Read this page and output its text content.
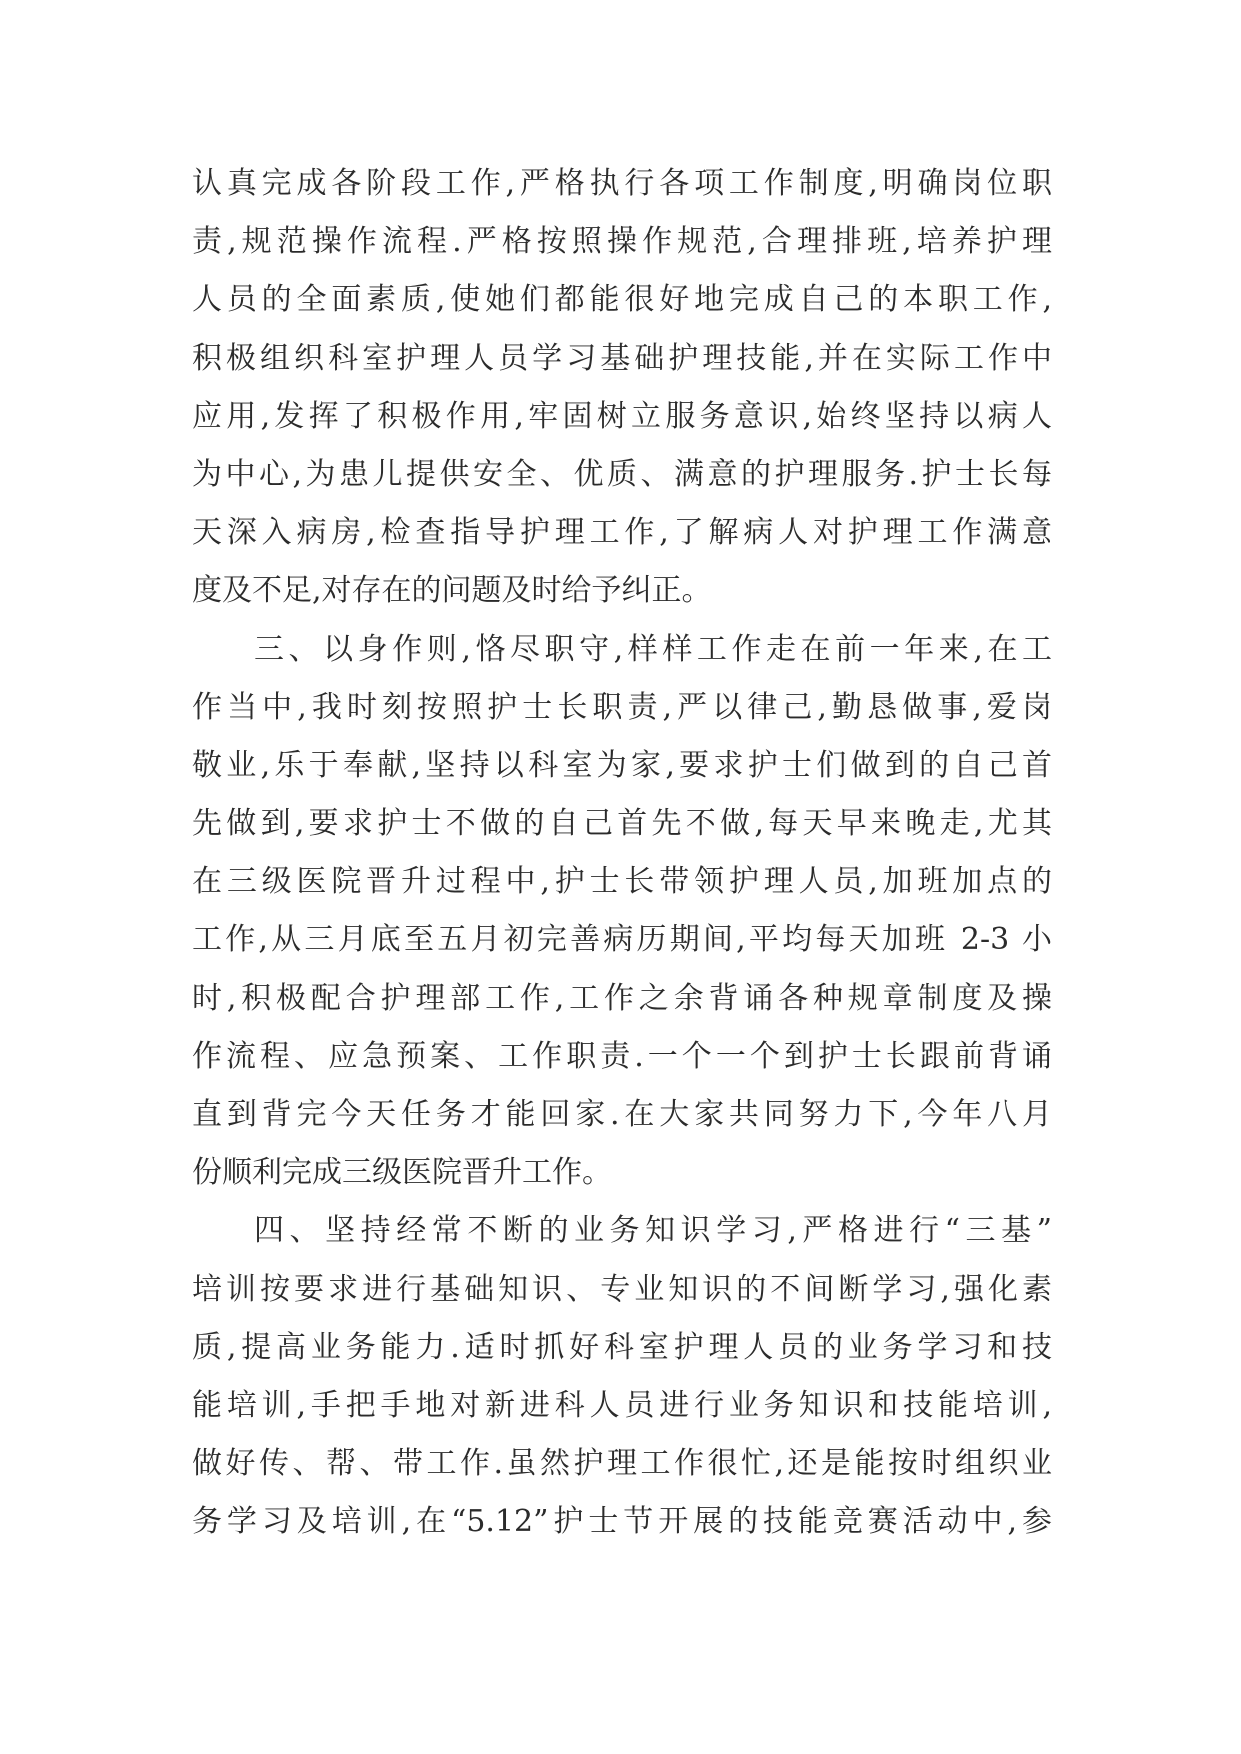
认真完成各阶段工作,严格执行各项工作制度,明确岗位职
责,规范操作流程.严格按照操作规范,合理排班,培养护理
人员的全面素质,使她们都能很好地完成自己的本职工作,
积极组织科室护理人员学习基础护理技能,并在实际工作中
应用,发挥了积极作用,牢固树立服务意识,始终坚持以病人
为中心,为患儿提供安全、优质、满意的护理服务.护士长每
天深入病房,检查指导护理工作,了解病人对护理工作满意
度及不足,对存在的问题及时给予纠正。
三、以身作则,恪尽职守,样样工作走在前一年来,在工
作当中,我时刻按照护士长职责,严以律己,勤恳做事,爱岗
敬业,乐于奉献,坚持以科室为家,要求护士们做到的自己首
先做到,要求护士不做的自己首先不做,每天早来晚走,尤其
在三级医院晋升过程中,护士长带领护理人员,加班加点的
工作,从三月底至五月初完善病历期间,平均每天加班 2-3 小
时,积极配合护理部工作,工作之余背诵各种规章制度及操
作流程、应急预案、工作职责.一个一个到护士长跟前背诵
直到背完今天任务才能回家.在大家共同努力下,今年八月
份顺利完成三级医院晋升工作。
四、坚持经常不断的业务知识学习,严格进行“三基”
培训按要求进行基础知识、专业知识的不间断学习,强化素
质,提高业务能力.适时抓好科室护理人员的业务学习和技
能培训,手把手地对新进科人员进行业务知识和技能培训,
做好传、帮、带工作.虽然护理工作很忙,还是能按时组织业
务学习及培训,在“5.12”护士节开展的技能竞赛活动中,参
